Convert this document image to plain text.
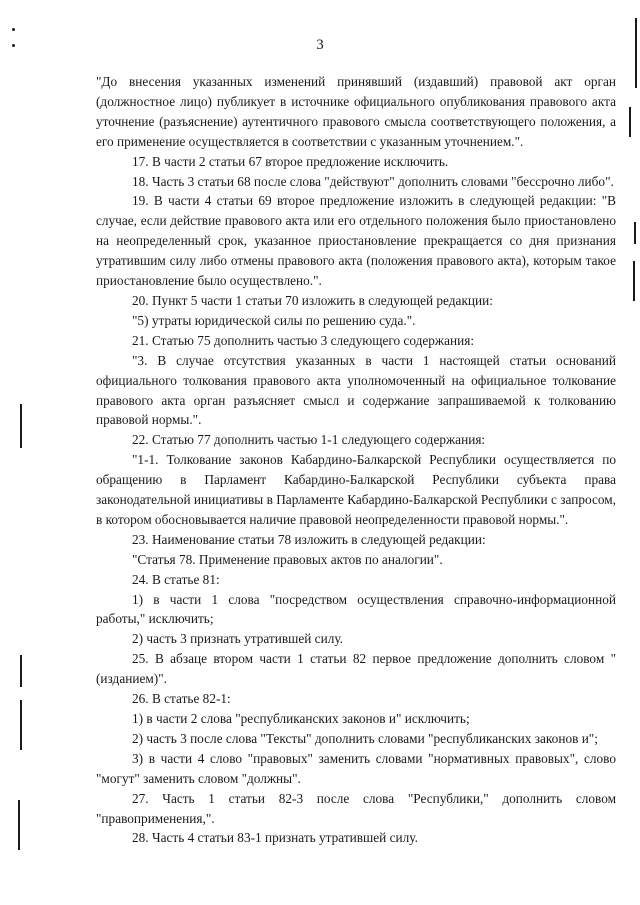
3

"До внесения указанных изменений принявший (издавший) правовой акт орган (должностное лицо) публикует в источнике официального опубликования правового акта уточнение (разъяснение) аутентичного правового смысла соответствующего положения, а его применение осуществляется в соответствии с указанным уточнением.".

17. В части 2 статьи 67 второе предложение исключить.

18. Часть 3 статьи 68 после слова "действуют" дополнить словами "бессрочно либо".

19. В части 4 статьи 69 второе предложение изложить в следующей редакции: "В случае, если действие правового акта или его отдельного положения было приостановлено на неопределенный срок, указанное приостановление прекращается со дня признания утратившим силу либо отмены правового акта (положения правового акта), которым такое приостановление было осуществлено.".

20. Пункт 5 части 1 статьи 70 изложить в следующей редакции:

"5) утраты юридической силы по решению суда.".

21. Статью 75 дополнить частью 3 следующего содержания:

"3. В случае отсутствия указанных в части 1 настоящей статьи оснований официального толкования правового акта уполномоченный на официальное толкование правового акта орган разъясняет смысл и содержание запрашиваемой к толкованию правовой нормы.".

22. Статью 77 дополнить частью 1-1 следующего содержания:

"1-1. Толкование законов Кабардино-Балкарской Республики осуществляется по обращению в Парламент Кабардино-Балкарской Республики субъекта права законодательной инициативы в Парламенте Кабардино-Балкарской Республики с запросом, в котором обосновывается наличие правовой неопределенности правовой нормы.".

23. Наименование статьи 78 изложить в следующей редакции:

"Статья 78. Применение правовых актов по аналогии".

24. В статье 81:

1) в части 1 слова "посредством осуществления справочно-информационной работы," исключить;

2) часть 3 признать утратившей силу.

25. В абзаце втором части 1 статьи 82 первое предложение дополнить словом "(изданием)".

26. В статье 82-1:

1) в части 2 слова "республиканских законов и" исключить;

2) часть 3 после слова "Тексты" дополнить словами "республиканских законов и";

3) в части 4 слово "правовых" заменить словами "нормативных правовых", слово "могут" заменить словом "должны".

27. Часть 1 статьи 82-3 после слова "Республики," дополнить словом "правоприменения,".

28. Часть 4 статьи 83-1 признать утратившей силу.
